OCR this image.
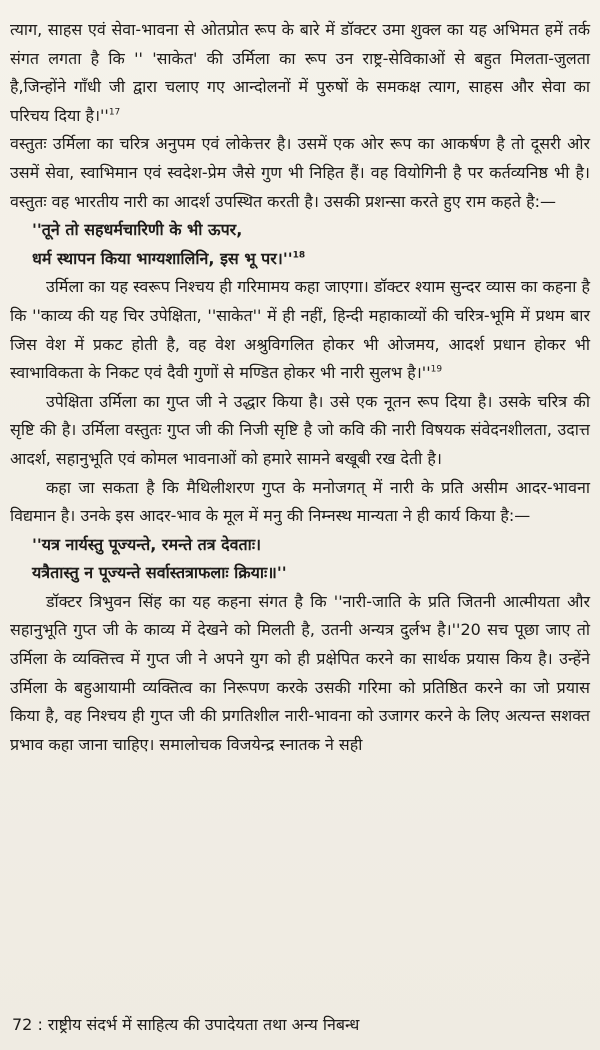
त्याग, साहस एवं सेवा-भावना से ओतप्रोत रूप के बारे में डॉक्टर उमा शुक्ल का यह अभिमत हमें तर्क संगत लगता है कि '' 'साकेत' की उर्मिला का रूप उन राष्ट्र-सेविकाओं से बहुत मिलता-जुलता है,जिन्होंने गाँधी जी द्वारा चलाए गए आन्दोलनों में पुरुषों के समकक्ष त्याग, साहस और सेवा का परिचय दिया $है।''^{17}$

वस्तुतः उर्मिला का चरित्र अनुपम एवं लोकेत्तर है। उसमें एक ओर रूप का आकर्षण है तो दूसरी ओर उसमें सेवा, स्वाभिमान एवं स्वदेश-प्रेम जैसे गुण भी निहित हैं। वह वियोगिनी है पर कर्तव्यनिष्ठ भी है। वस्तुतः वह भारतीय नारी का आदर्श उपस्थित करती है। उसकी प्रशन्सा करते हुए राम कहते है:—

''तूने तो सहधर्मचारिणी के भी ऊपर,

धर्म स्थापन किया भाग्यशालिनि, इस भू $पर।''^{18}$

उर्मिला का यह स्वरूप निश्चय ही गरिमामय कहा जाएगा। डॉक्टर श्याम सुन्दर व्यास का कहना है कि ''काव्य की यह चिर उपेक्षिता, ''साकेत'' में ही नहीं, हिन्दी महाकाव्यों की चरित्र-भूमि में प्रथम बार जिस वेश में प्रकट होती है, वह वेश अश्रुविगलित होकर भी ओजमय, आदर्श प्रधान होकर भी स्वाभाविकता के निकट एवं दैवी गुणों से मण्डित होकर भी नारी सुलभ $है।''^{19}$

उपेक्षिता उर्मिला का गुप्त जी ने उद्धार किया है। उसे एक नूतन रूप दिया है। उसके चरित्र की सृष्टि की है। उर्मिला वस्तुतः गुप्त जी की निजी सृष्टि है जो कवि की नारी विषयक संवेदनशीलता, उदात्त आदर्श, सहानुभूति एवं कोमल भावनाओं को हमारे सामने बखूबी रख देती है।

कहा जा सकता है कि मैथिलीशरण गुप्त के मनोजगत् में नारी के प्रति असीम आदर-भावना विद्यमान है। उनके इस आदर-भाव के मूल में मनु की निम्नस्थ मान्यता ने ही कार्य किया है:—

''यत्र नार्यस्तु पूज्यन्ते, रमन्ते तत्र देवताः।

यत्रैतास्तु न पूज्यन्ते सर्वास्तत्राफलाः क्रियाः॥''

डॉक्टर त्रिभुवन सिंह का यह कहना संगत है कि ''नारी-जाति के प्रति जितनी आत्मीयता और सहानुभूति गुप्त जी के काव्य में देखने को मिलती है, उतनी अन्यत्र दुर्लभ है।''20 सच पूछा जाए तो उर्मिला के व्यक्तित्त्व में गुप्त जी ने अपने युग को ही प्रक्षेपित करने का सार्थक प्रयास किय है। उन्हेंने उर्मिला के बहुआयामी व्यक्तित्व का निरूपण करके उसकी गरिमा को प्रतिष्ठित करने का जो प्रयास किया है, वह निश्चय ही गुप्त जी की प्रगतिशील नारी-भावना को उजागर करने के लिए अत्यन्त सशक्त प्रभाव कहा जाना चाहिए। समालोचक विजयेन्द्र स्नातक ने सही

72 : राष्ट्रीय संदर्भ में साहित्य की उपादेयता तथा अन्य निबन्ध
